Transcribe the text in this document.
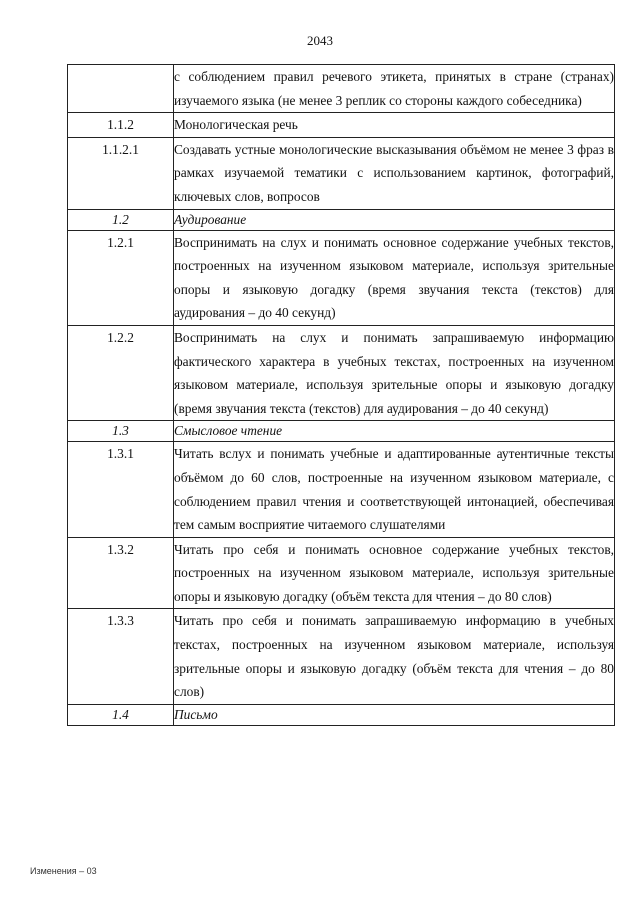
2043
	с соблюдением правил речевого этикета, принятых в стране (странах) изучаемого языка (не менее 3 реплик со стороны каждого собеседника)
1.1.2	Монологическая речь
1.1.2.1	Создавать устные монологические высказывания объёмом не менее 3 фраз в рамках изучаемой тематики с использованием картинок, фотографий, ключевых слов, вопросов
1.2	Аудирование
1.2.1	Воспринимать на слух и понимать основное содержание учебных текстов, построенных на изученном языковом материале, используя зрительные опоры и языковую догадку (время звучания текста (текстов) для аудирования – до 40 секунд)
1.2.2	Воспринимать на слух и понимать запрашиваемую информацию фактического характера в учебных текстах, построенных на изученном языковом материале, используя зрительные опоры и языковую догадку (время звучания текста (текстов) для аудирования – до 40 секунд)
1.3	Смысловое чтение
1.3.1	Читать вслух и понимать учебные и адаптированные аутентичные тексты объёмом до 60 слов, построенные на изученном языковом материале, с соблюдением правил чтения и соответствующей интонацией, обеспечивая тем самым восприятие читаемого слушателями
1.3.2	Читать про себя и понимать основное содержание учебных текстов, построенных на изученном языковом материале, используя зрительные опоры и языковую догадку (объём текста для чтения – до 80 слов)
1.3.3	Читать про себя и понимать запрашиваемую информацию в учебных текстах, построенных на изученном языковом материале, используя зрительные опоры и языковую догадку (объём текста для чтения – до 80 слов)
1.4	Письмо
Изменения – 03
